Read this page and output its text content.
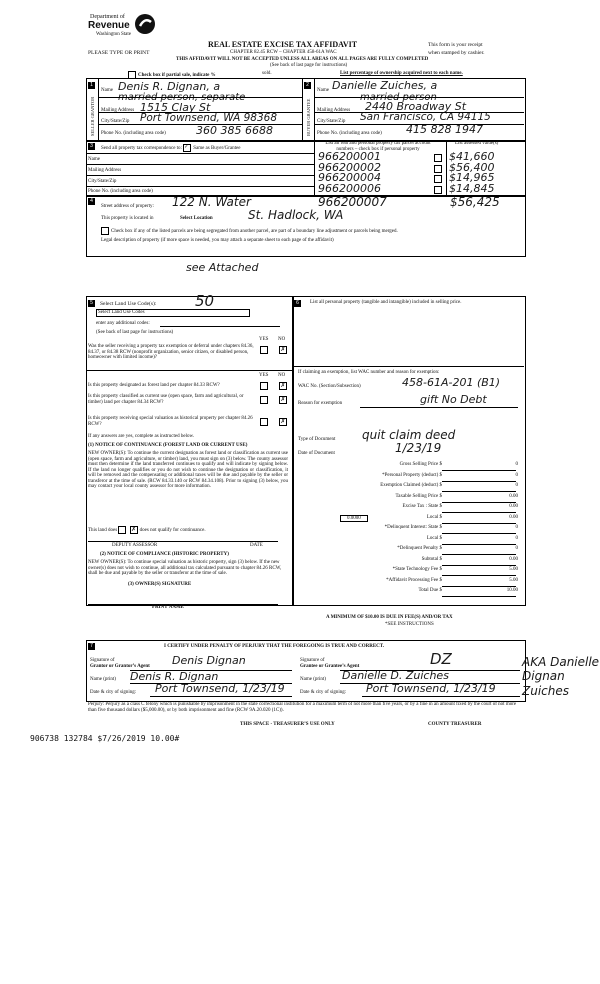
Department of
Revenue
Washington State
PLEASE TYPE OR PRINT
REAL ESTATE EXCISE TAX AFFIDAVIT
CHAPTER 82.45 RCW – CHAPTER 458-61A WAC
THIS AFFIDAVIT WILL NOT BE ACCEPTED UNLESS ALL AREAS ON ALL PAGES ARE FULLY COMPLETED
(See back of last page for instructions)
This form is your receipt
when stamped by cashier.
Check box if partial sale, indicate %	sold.	List percentage of ownership acquired next to each name.
1	2
SELLER GRANTOR	BUYER GRANTEE
Name Denis R. Dignan, a
married person, separate
Mailing Address 1515 Clay St
City/State/Zip Port Townsend, WA 98368
Phone No. (including area code)	360 385 6688
Name Danielle Zuiches, a
married person
Mailing Address 2440 Broadway St
City/State/Zip San Francisco, CA 94115
Phone No. (including area code) 415 828 1947
3	Send all property tax correspondence to: ✓ Same as Buyer/Grantee
Name
Mailing Address
City/State/Zip
Phone No. (including area code)
List all real and personal property tax parcel account
numbers – check box if personal property
List assessed value(s)
966200001	$41,660
966200002	$56,400
966200004	$14,965
966200006	$14,845
4
Street address of property: 122 N. Water	966200007	$56,425
This property is located in	Select Location	St. Hadlock, WA
Check box if any of the listed parcels are being segregated from another parcel, are part of a boundary line adjustment or parcels being merged.
Legal description of property (if more space is needed, you may attach a separate sheet to each page of the affidavit)
see Attached
5	Select Land Use Code(s):	50
Select Land Use Codes
enter any additional codes:
(See back of last page for instructions)
YES NO
Was the seller receiving a property tax exemption or deferral under chapters 84.36, 84.37, or 84.38 RCW (nonprofit organization, senior citizen, or disabled person, homeowner with limited income)?
✗
YES NO
Is this property designated as forest land per chapter 84.33 RCW?	✗
Is this property classified as current use (open space, farm and agricultural, or timber) land per chapter 84.34 RCW?	✗
Is this property receiving special valuation as historical property per chapter 84.26 RCW?	✗
If any answers are yes, complete as instructed below.
(1) NOTICE OF CONTINUANCE (FOREST LAND OR CURRENT USE)
NEW OWNER(S): To continue the current designation as forest land or classification as current use (open space, farm and agriculture, or timber) land, you must sign on (3) below. The county assessor must then determine if the land transferred continues to qualify and will indicate by signing below. If the land no longer qualifies or you do not wish to continue the designation or classification, it will be removed and the compensating or additional taxes will be due and payable by the seller or transferor at the time of sale. (RCW 84.33.140 or RCW 84.34.108). Prior to signing (3) below, you may contact your local county assessor for more information.
This land does ✗ does not qualify for continuance.
DEPUTY ASSESSOR	DATE
(2) NOTICE OF COMPLIANCE (HISTORIC PROPERTY)
NEW OWNER(S): To continue special valuation as historic property, sign (3) below. If the new owner(s) does not wish to continue, all additional tax calculated pursuant to chapter 84.26 RCW, shall be due and payable by the seller or transferor at the time of sale.
(3) OWNER(S) SIGNATURE
PRINT NAME
6	List all personal property (tangible and intangible) included in selling price.
If claiming an exemption, list WAC number and reason for exemption:
WAC No. (Section/Subsection)	458-61A-201 (B1)
Reason for exemption	gift No Debt
Type of Document quit claim deed
Date of Document	1/23/19
Gross Selling Price $	0
*Personal Property (deduct) $	0
Exemption Claimed (deduct) $	0
Taxable Selling Price $	0.00
Excise Tax : State $	0.00
0.0000	Local $	0.00
*Delinquent Interest: State $	0
Local $	0
*Delinquent Penalty $	0
Subtotal $	0.00
*State Technology Fee $	5.00
*Affidavit Processing Fee $	5.00
Total Due $	10.00
A MINIMUM OF $10.00 IS DUE IN FEE(S) AND/OR TAX
*SEE INSTRUCTIONS
7	I CERTIFY UNDER PENALTY OF PERJURY THAT THE FOREGOING IS TRUE AND CORRECT.
Signature of
Grantor or Grantor’s Agent Denis Dignan
Name (print) Denis R. Dignan
Date & city of signing: Port Townsend, 1/23/19
Signature of
Grantee or Grantee’s Agent	DZ
Name (print) Danielle D. Zuiches
Date & city of signing: Port Townsend, 1/23/19
AKA Danielle Dignan Zuiches
Perjury: Perjury as a class C felony which is punishable by imprisonment in the state correctional institution for a maximum term of not more than five years, or by a fine in an amount fixed by the court of not more than five thousand dollars ($5,000.00), or by both imprisonment and fine (RCW 9A.20.020 (1C)).
THIS SPACE - TREASURER’S USE ONLY	COUNTY TREASURER
906738 132784 $7/26/2019 10.00#
